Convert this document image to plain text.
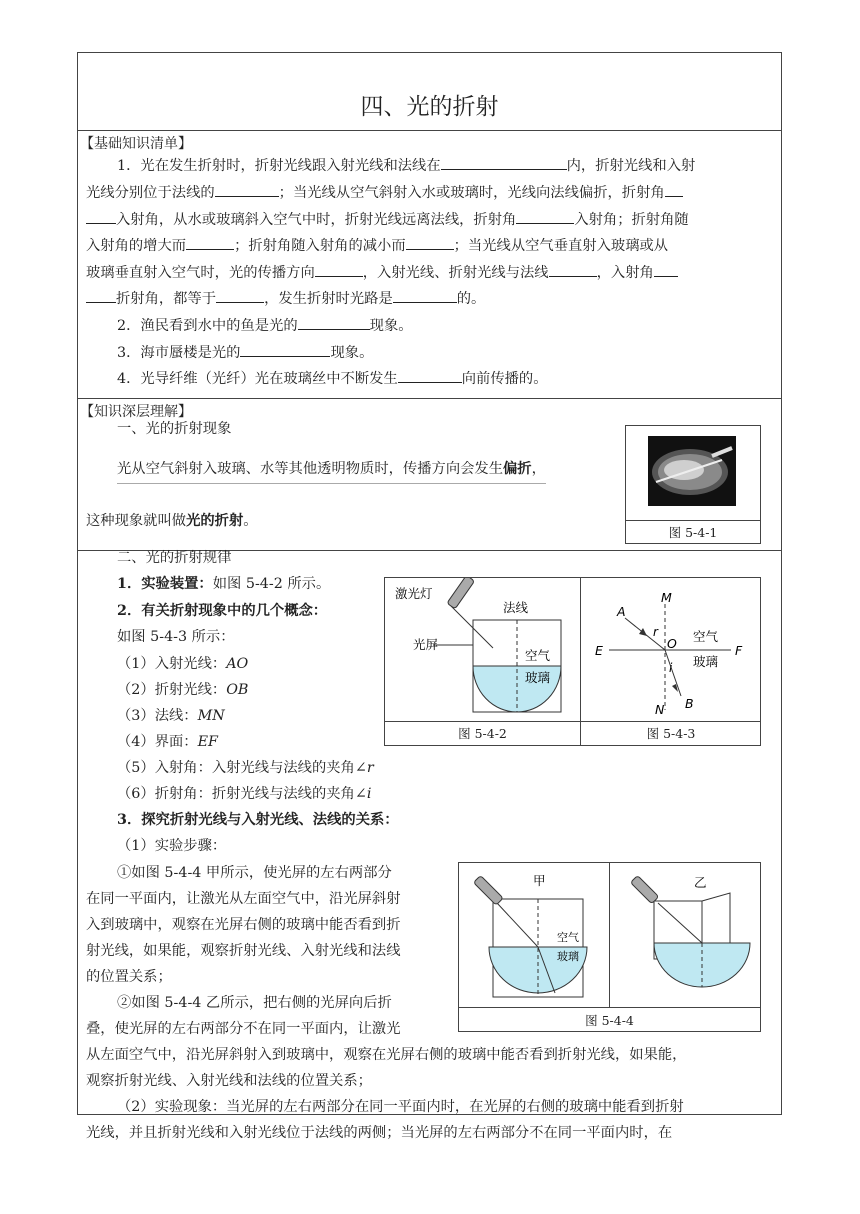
四、光的折射
【基础知识清单】
1．光在发生折射时，折射光线跟入射光线和法线在	内，折射光线和入射
光线分别位于法线的	；当光线从空气斜射入水或玻璃时，光线向法线偏折，折射角
入射角，从水或玻璃斜入空气中时，折射光线远离法线，折射角	入射角；折射角随
入射角的增大而	；折射角随入射角的减小而	；当光线从空气垂直射入玻璃或从
玻璃垂直射入空气时，光的传播方向	，入射光线、折射光线与法线	，入射角
折射角，都等于	，发生折射时光路是	的。
2．渔民看到水中的鱼是光的	现象。
3．海市蜃楼是光的	现象。
4．光导纤维（光纤）光在玻璃丝中不断发生	向前传播的。
【知识深层理解】
一、光的折射现象
光从空气斜射入玻璃、水等其他透明物质时，传播方向会发生偏折，
这种现象就叫做光的折射。
图 5-4-1
二、光的折射规律
1．实验装置：如图 5-4-2 所示。
2．有关折射现象中的几个概念：
如图 5-4-3 所示：
（1）入射光线：AO
（2）折射光线：OB
（3）法线：MN
（4）界面：EF
（5）入射角：入射光线与法线的夹角∠r
（6）折射角：折射光线与法线的夹角∠i
3．探究折射光线与入射光线、法线的关系：
（1）实验步骤：
①如图 5-4-4 甲所示，使光屏的左右两部分
在同一平面内，让激光从左面空气中，沿光屏斜射
入到玻璃中，观察在光屏右侧的玻璃中能否看到折
射光线，如果能，观察折射光线、入射光线和法线
的位置关系；
②如图 5-4-4 乙所示，把右侧的光屏向后折
叠，使光屏的左右两部分不在同一平面内，让激光
从左面空气中，沿光屏斜射入到玻璃中，观察在光屏右侧的玻璃中能否看到折射光线，如果能，
观察折射光线、入射光线和法线的位置关系；
（2）实验现象：当光屏的左右两部分在同一平面内时，在光屏的右侧的玻璃中能看到折射
光线，并且折射光线和入射光线位于法线的两侧；当光屏的左右两部分不在同一平面内时，在
激光灯
法线
光屏
空气
玻璃
图 5-4-2
A
B
M
N
E	F
O
r
i
空气
玻璃
图 5-4-3
甲
空气
玻璃
乙
图 5-4-4
